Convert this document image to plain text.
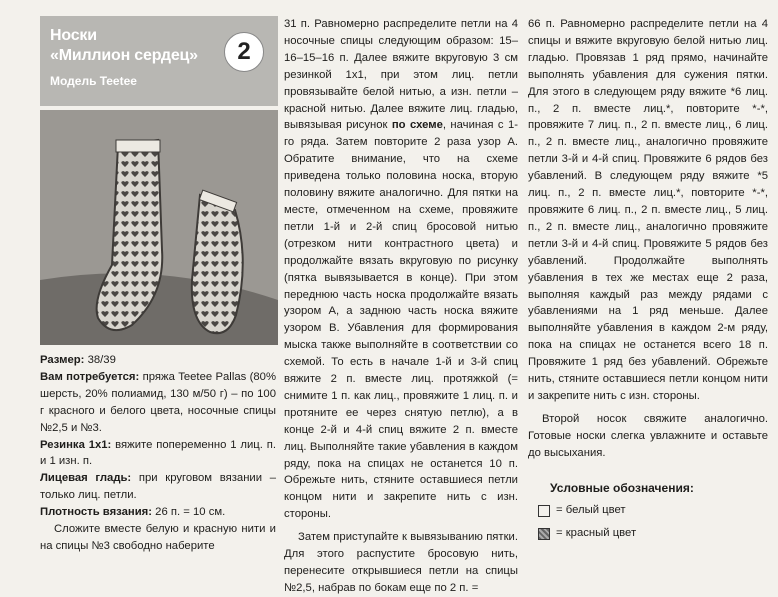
Носки
«Миллион сердец»
Модель Teetee
2

Размер: 38/39

Вам потребуется: пряжа Teetee Pallas (80% шерсть, 20% полиамид, 130 м/50 г) – по 100 г красного и белого цвета, носочные спицы №2,5 и №3.

Резинка 1х1: вяжите попеременно 1 лиц. п. и 1 изн. п.

Лицевая гладь: при круговом вязании – только лиц. петли.

Плотность вязания: 26 п. = 10 см.

Сложите вместе белую и красную нити и на спицы №3 свободно наберите

31 п. Равномерно распределите петли на 4 носочные спицы следующим образом: 15–16–15–16 п. Далее вяжите вкруговую 3 см резинкой 1х1, при этом лиц. петли провязывайте белой нитью, а изн. петли – красной нитью. Далее вяжите лиц. гладью, вывязывая рисунок по схеме, начиная с 1-го ряда. Затем повторите 2 раза узор А. Обратите внимание, что на схеме приведена только половина носка, вторую половину вяжите аналогично. Для пятки на месте, отмеченном на схеме, провяжите петли 1-й и 2-й спиц бросовой нитью (отрезком нити контрастного цвета) и продолжайте вязать вкруговую по рисунку (пятка вывязывается в конце). При этом переднюю часть носка продолжайте вязать узором А, а заднюю часть носка вяжите узором В. Убавления для формирования мыска также выполняйте в соответствии со схемой. То есть в начале 1-й и 3-й спиц вяжите 2 п. вместе лиц. протяжкой (= снимите 1 п. как лиц., провяжите 1 лиц. п. и протяните ее через снятую петлю), а в конце 2-й и 4-й спиц вяжите 2 п. вместе лиц. Выполняйте такие убавления в каждом ряду, пока на спицах не останется 10 п. Обрежьте нить, стяните оставшиеся петли концом нити и закрепите нить с изн. стороны.

Затем приступайте к вывязыванию пятки. Для этого распустите бросовую нить, перенесите открывшиеся петли на спицы №2,5, набрав по бокам еще по 2 п. =

66 п. Равномерно распределите петли на 4 спицы и вяжите вкруговую белой нитью лиц. гладью. Провязав 1 ряд прямо, начинайте выполнять убавления для сужения пятки. Для этого в следующем ряду вяжите *6 лиц. п., 2 п. вместе лиц.*, повторите *-*, провяжите 7 лиц. п., 2 п. вместе лиц., 6 лиц. п., 2 п. вместе лиц., аналогично провяжите петли 3-й и 4-й спиц. Провяжите 6 рядов без убавлений. В следующем ряду вяжите *5 лиц. п., 2 п. вместе лиц.*, повторите *-*, провяжите 6 лиц. п., 2 п. вместе лиц., 5 лиц. п., 2 п. вместе лиц., аналогично провяжите петли 3-й и 4-й спиц. Провяжите 5 рядов без убавлений. Продолжайте выполнять убавления в тех же местах еще 2 раза, выполняя каждый раз между рядами с убавлениями на 1 ряд меньше. Далее выполняйте убавления в каждом 2-м ряду, пока на спицах не останется всего 18 п. Провяжите 1 ряд без убавлений. Обрежьте нить, стяните оставшиеся петли концом нити и закрепите нить с изн. стороны.

Второй носок свяжите аналогично. Готовые носки слегка увлажните и оставьте до высыхания.

Условные обозначения:
= белый цвет
= красный цвет
